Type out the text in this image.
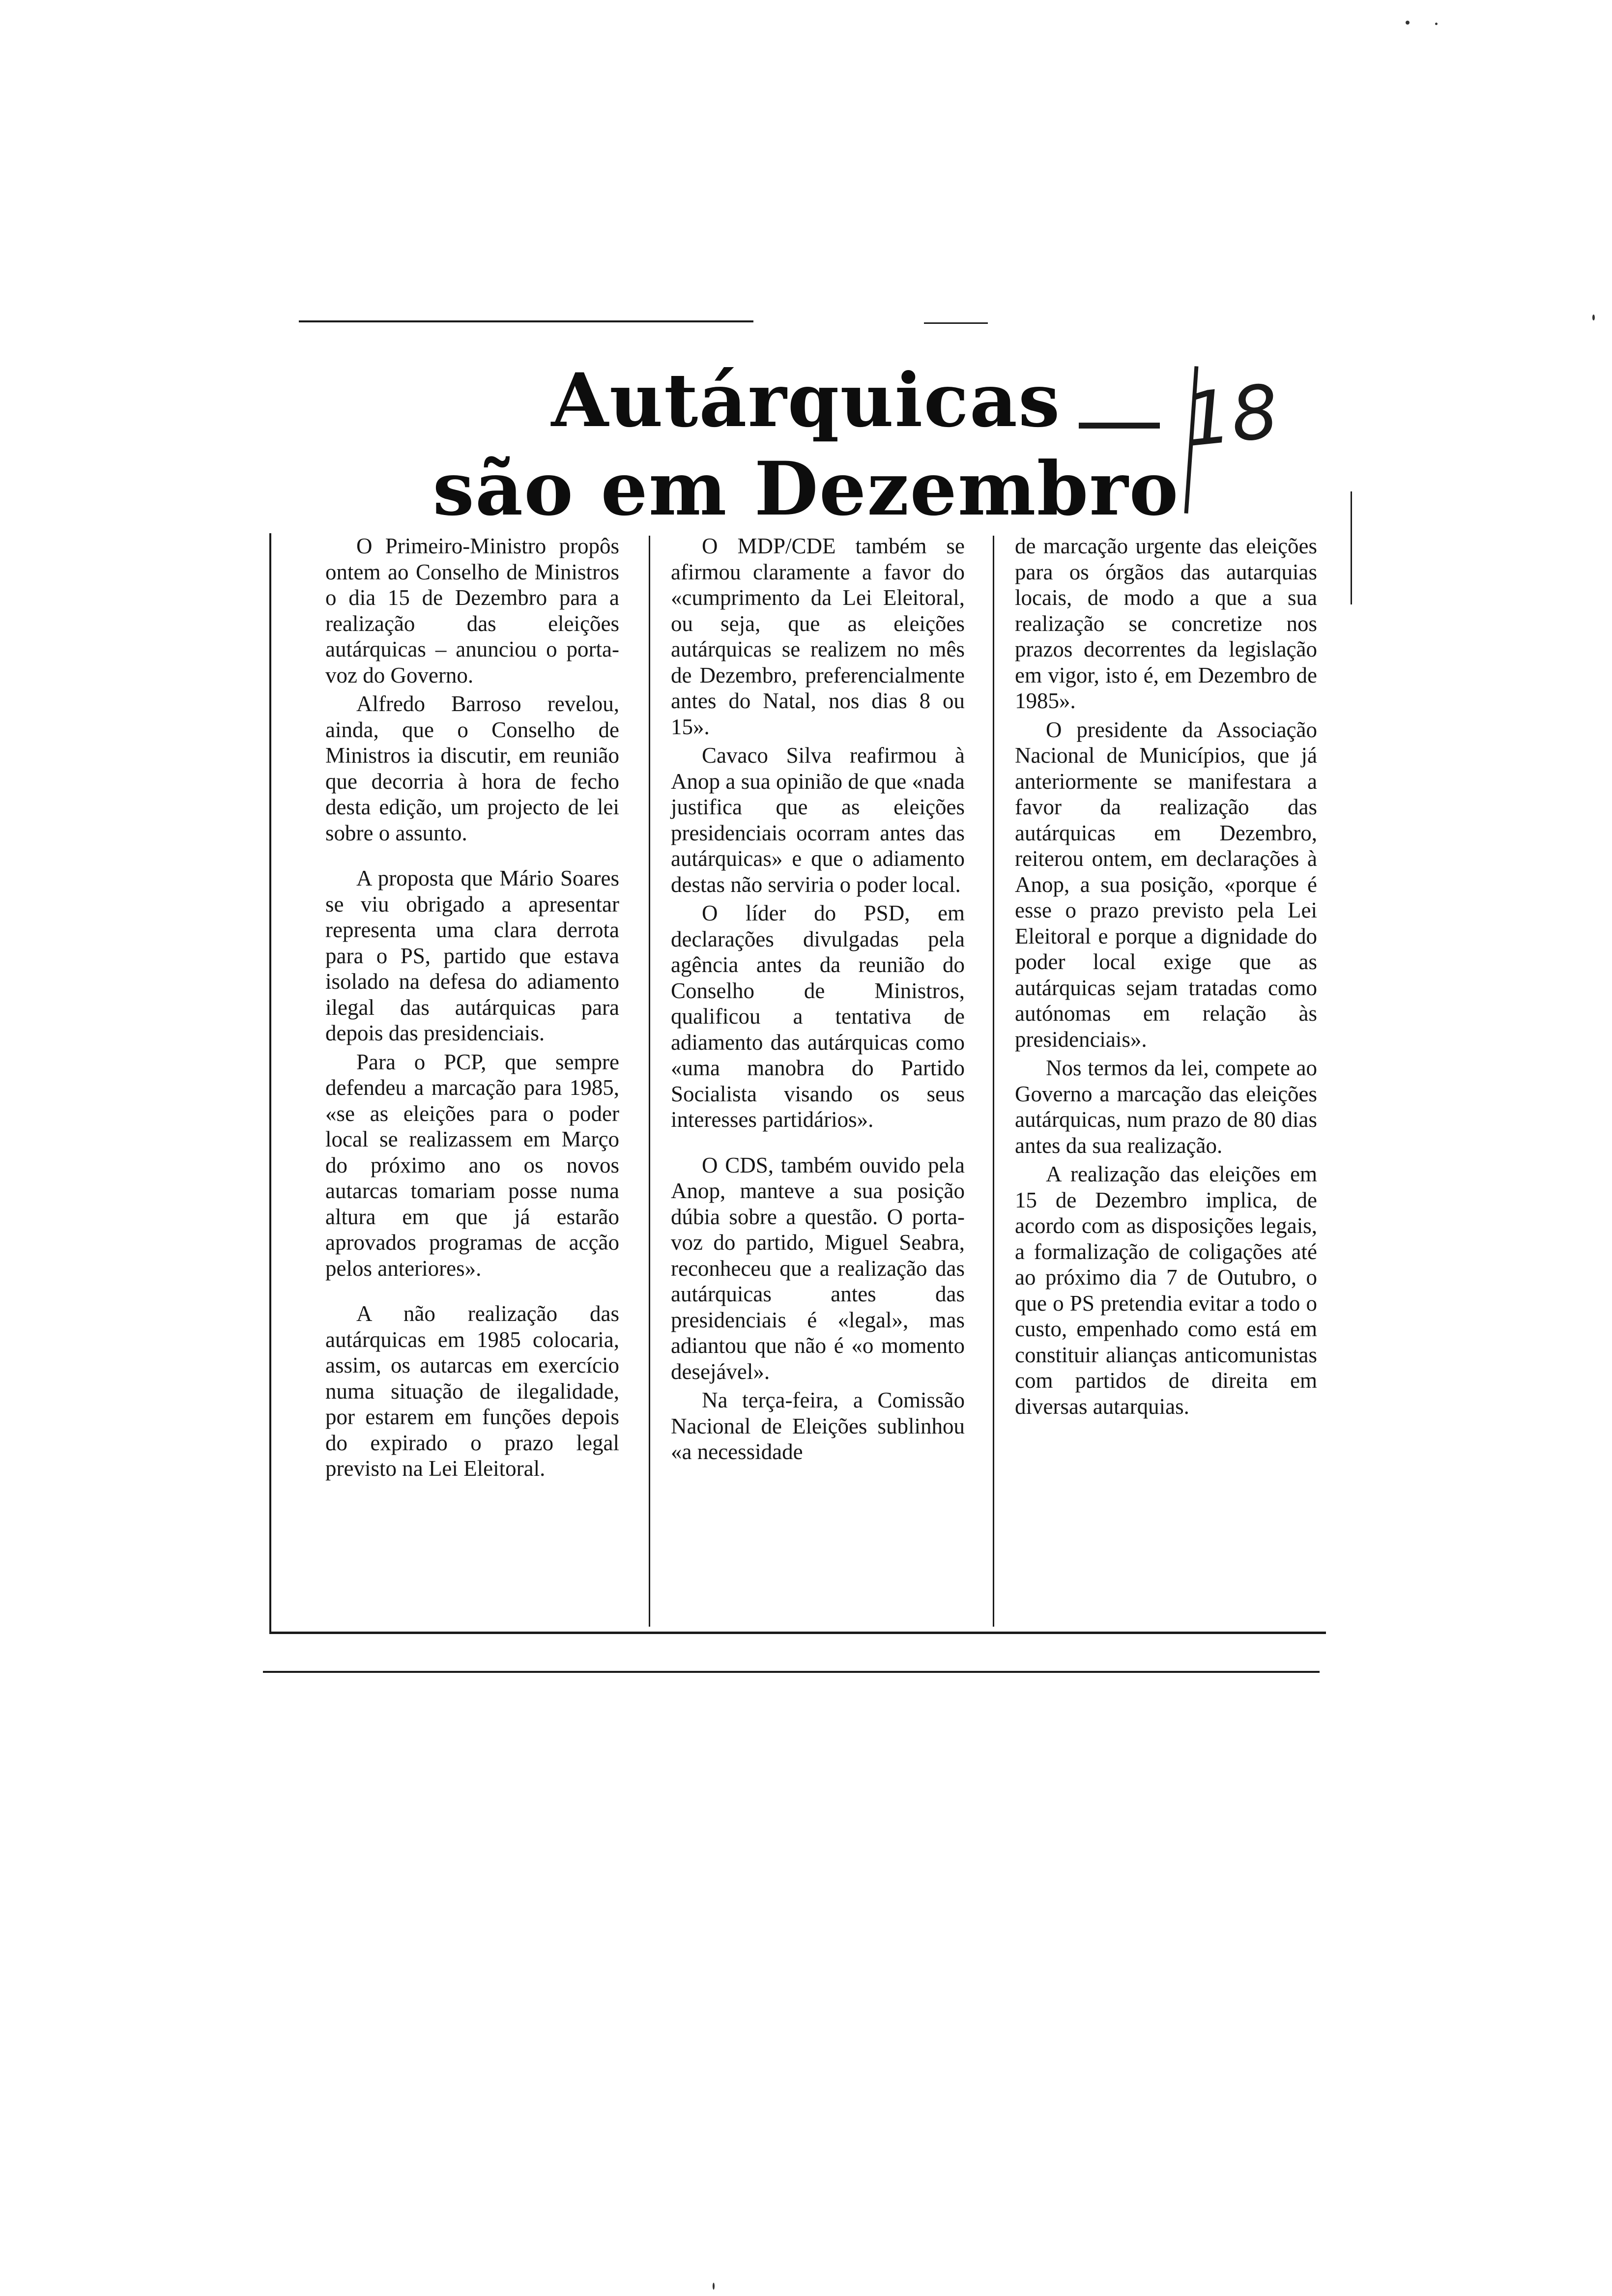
Autárquicas
são em Dezembro
18

O Primeiro-Ministro propôs ontem ao Conselho de Ministros o dia 15 de Dezembro para a realização das eleições autárquicas – anunciou o porta-voz do Governo.

Alfredo Barroso revelou, ainda, que o Conselho de Ministros ia discutir, em reunião que decorria à hora de fecho desta edição, um projecto de lei sobre o assunto.

A proposta que Mário Soares se viu obrigado a apresentar representa uma clara derrota para o PS, partido que estava isolado na defesa do adiamento ilegal das autárquicas para depois das presidenciais.

Para o PCP, que sempre defendeu a marcação para 1985, «se as eleições para o poder local se realizassem em Março do próximo ano os novos autarcas tomariam posse numa altura em que já estarão aprovados programas de acção pelos anteriores».

A não realização das autárquicas em 1985 colocaria, assim, os autarcas em exercício numa situação de ilegalidade, por estarem em funções depois do expirado o prazo legal previsto na Lei Eleitoral.

O MDP/CDE também se afirmou claramente a favor do «cumprimento da Lei Eleitoral, ou seja, que as eleições autárquicas se realizem no mês de Dezembro, preferencialmente antes do Natal, nos dias 8 ou 15».

Cavaco Silva reafirmou à Anop a sua opinião de que «nada justifica que as eleições presidenciais ocorram antes das autárquicas» e que o adiamento destas não serviria o poder local.

O líder do PSD, em declarações divulgadas pela agência antes da reunião do Conselho de Ministros, qualificou a tentativa de adiamento das autárquicas como «uma manobra do Partido Socialista visando os seus interesses partidários».

O CDS, também ouvido pela Anop, manteve a sua posição dúbia sobre a questão. O porta-voz do partido, Miguel Seabra, reconheceu que a realização das autárquicas antes das presidenciais é «legal», mas adiantou que não é «o momento desejável».

Na terça-feira, a Comissão Nacional de Eleições sublinhou «a necessidade

de marcação urgente das eleições para os órgãos das autarquias locais, de modo a que a sua realização se concretize nos prazos decorrentes da legislação em vigor, isto é, em Dezembro de 1985».

O presidente da Associação Nacional de Municípios, que já anteriormente se manifestara a favor da realização das autárquicas em Dezembro, reiterou ontem, em declarações à Anop, a sua posição, «porque é esse o prazo previsto pela Lei Eleitoral e porque a dignidade do poder local exige que as autárquicas sejam tratadas como autónomas em relação às presidenciais».

Nos termos da lei, compete ao Governo a marcação das eleições autárquicas, num prazo de 80 dias antes da sua realização.

A realização das eleições em 15 de Dezembro implica, de acordo com as disposições legais, a formalização de coligações até ao próximo dia 7 de Outubro, o que o PS pretendia evitar a todo o custo, empenhado como está em constituir alianças anticomunistas com partidos de direita em diversas autarquias.
